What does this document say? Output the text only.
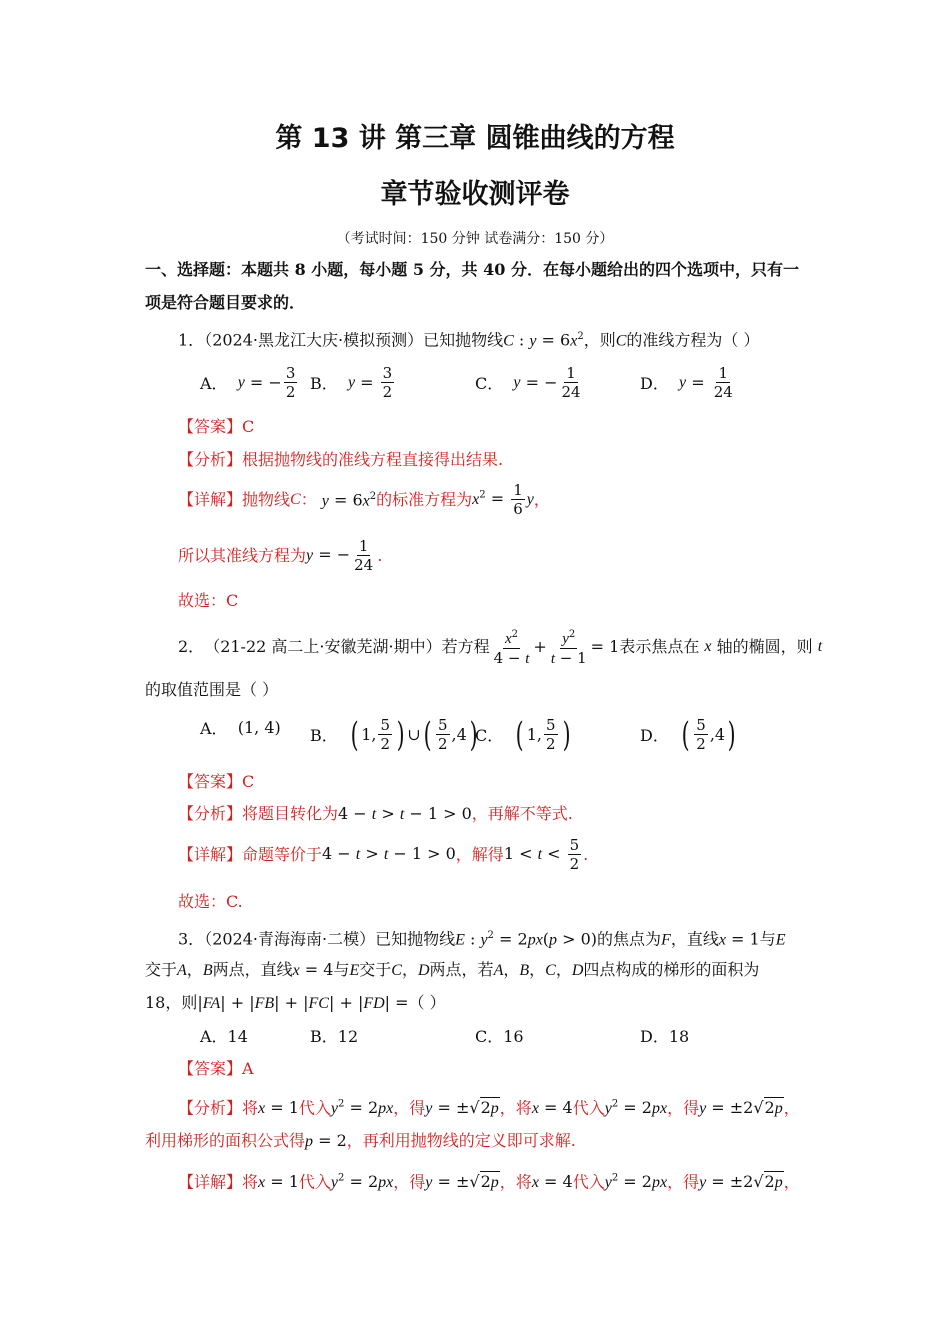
第 13 讲 第三章 圆锥曲线的方程
章节验收测评卷
（考试时间：150 分钟 试卷满分：150 分）
一、选择题：本题共 8 小题，每小题 5 分，共 40 分．在每小题给出的四个选项中，只有一
项是符合题目要求的．
1．（2024·黑龙江大庆·模拟预测）已知抛物线C : $y = 6x^2$，则C的准线方程为（ ）
A．
y = − $\frac{3}{2}$ B．
$y = \frac{3}{2}$	C．
y = − $\frac{1}{24}$	D．
$y = \frac{1}{24}$
【答案】C
【分析】根据抛物线的准线方程直接得出结果.
【详解】 抛物线 C ： $y = 6x^2$ 的标准方程为 $x^2 = \frac{1}{6}$ y ，
所以其准线方程为 y = − $\frac{1}{24}$ .
故选：C
2． （21-22 高二上·安徽芜湖·期中）若方程 $\frac{x^2}{4 - t} + \frac{y^2}{t - 1} = 1$ 表示焦点在
x
轴的椭圆，则
t
的取值范围是（ ）
A． (1, 4) B．
( 1, $\frac{5}{2}$ ) ∪ ( $\frac{5}{2} ,4$ )
C．
( 1, $\frac{5}{2}$ )	D．
( $\frac{5}{2} ,4$ )
【答案】C
【分析】将题目转化为4 − t > t − 1 > 0，再解不等式.
【详解】 命题等价于 4 − t > t − 1 > 0 ，解得 $1 < t < \frac{5}{2}$ .
故选：C.
3．（2024·青海海南·二模）已知抛物线E : $y^2 = 2px(p > 0)$的焦点为F，直线x = 1与E
交于A，B两点，直线x = 4与E交于C，D两点，若A，B，C，D四点构成的梯形的面积为
18，则|FA| + |FB| + |FC| + |FD| =（ ）
A．14	B．12	C．16	D．18
【答案】A
【分析】将x = 1代入$y^2 = 2px$，得y = ±√2p，将x = 4代入$y^2 = 2px$，得y = ±2√2p，
利用梯形的面积公式得p = 2，再利用抛物线的定义即可求解.
【详解】将x = 1代入$y^2 = 2px$，得y = ±√2p，将x = 4代入$y^2 = 2px$，得y = ±2√2p，
